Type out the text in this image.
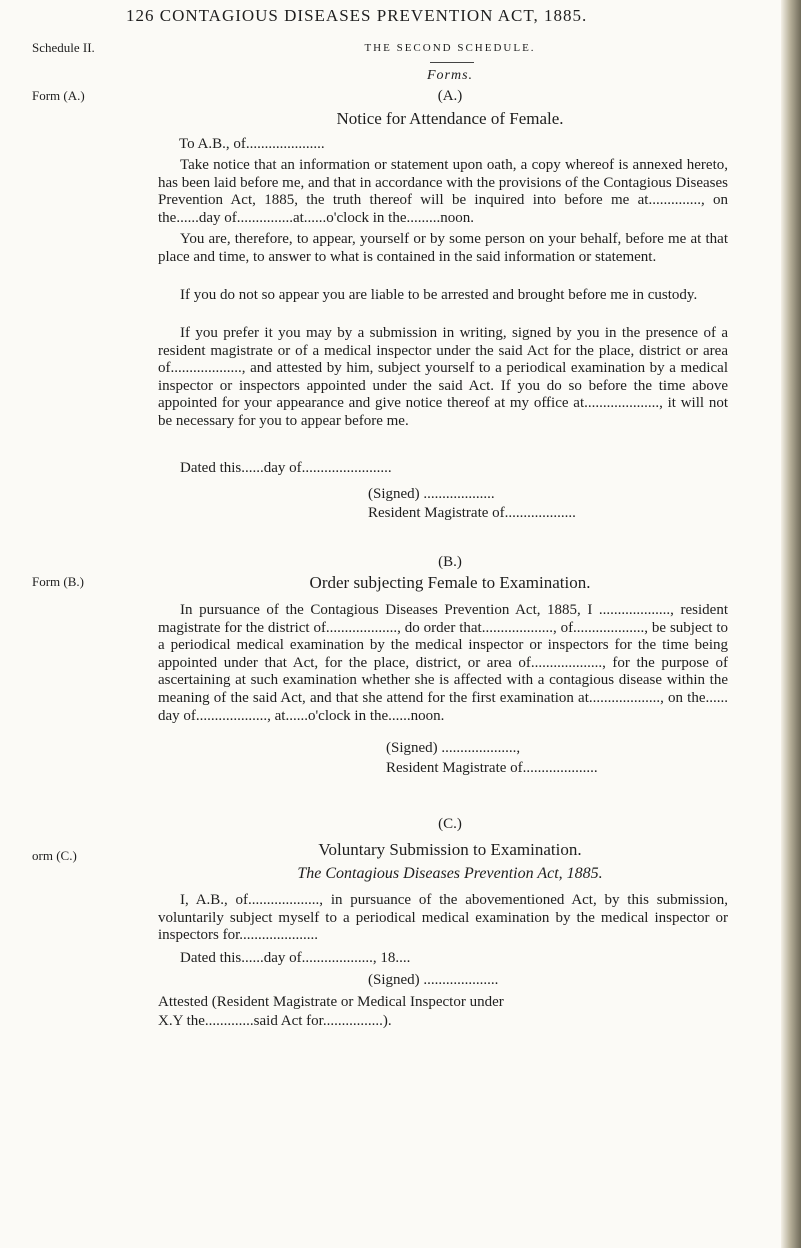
126 CONTAGIOUS DISEASES PREVENTION ACT, 1885.
Schedule II.	THE SECOND SCHEDULE.
Forms.
Form (A.)	(A.)
Notice for Attendance of Female.
To A.B., of.....................

Take notice that an information or statement upon oath, a copy whereof is annexed hereto, has been laid before me, and that in accordance with the provisions of the Contagious Diseases Prevention Act, 1885, the truth thereof will be inquired into before me at.............., on the......day of...............at......o'clock in the.........noon.

You are, therefore, to appear, yourself or by some person on your behalf, before me at that place and time, to answer to what is contained in the said information or statement.

If you do not so appear you are liable to be arrested and brought before me in custody.

If you prefer it you may by a submission in writing, signed by you in the presence of a resident magistrate or of a medical inspector under the said Act for the place, district or area of..................., and attested by him, subject yourself to a periodical examination by a medical inspector or inspectors appointed under the said Act. If you do so before the time above appointed for your appearance and give notice thereof at my office at...................., it will not be necessary for you to appear before me.

Dated this......day of........................
(Signed) ...................
Resident Magistrate of...................
(B.)
Form (B.)	Order subjecting Female to Examination.

In pursuance of the Contagious Diseases Prevention Act, 1885, I ..................., resident magistrate for the district of..................., do order that..................., of..................., be subject to a periodical medical examination by the medical inspector or inspectors for the time being appointed under that Act, for the place, district, or area of..................., for the purpose of ascertaining at such examination whether she is affected with a contagious disease within the meaning of the said Act, and that she attend for the first examination at..................., on the...... day of..................., at......o'clock in the......noon.

(Signed) ....................,
Resident Magistrate of....................
(C.)
orm (C.)	Voluntary Submission to Examination.
The Contagious Diseases Prevention Act, 1885.

I, A.B., of..................., in pursuance of the abovementioned Act, by this submission, voluntarily subject myself to a periodical medical examination by the medical inspector or inspectors for.....................

Dated this......day of..................., 18....
(Signed) ....................
Attested (Resident Magistrate or Medical Inspector under
X.Y the.............said Act for................).
